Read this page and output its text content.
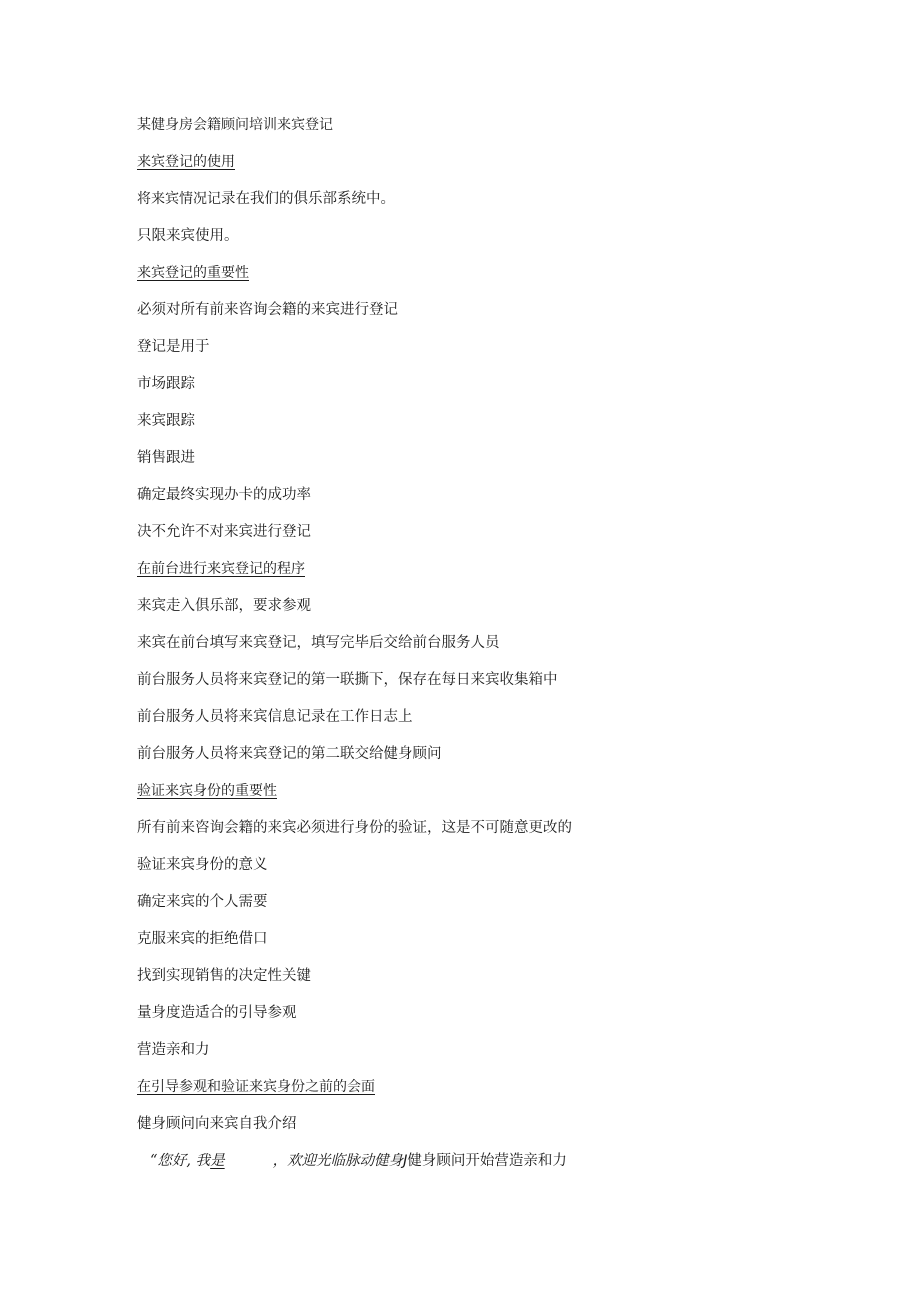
某健身房会籍顾问培训来宾登记
来宾登记的使用
将来宾情况记录在我们的俱乐部系统中。
只限来宾使用。
来宾登记的重要性
必须对所有前来咨询会籍的来宾进行登记
登记是用于
市场跟踪
来宾跟踪
销售跟进
确定最终实现办卡的成功率
决不允许不对来宾进行登记
在前台进行来宾登记的程序
来宾走入俱乐部，要求参观
来宾在前台填写来宾登记，填写完毕后交给前台服务人员
前台服务人员将来宾登记的第一联撕下，保存在每日来宾收集箱中
前台服务人员将来宾信息记录在工作日志上
前台服务人员将来宾登记的第二联交给健身顾问
验证来宾身份的重要性
所有前来咨询会籍的来宾必须进行身份的验证，这是不可随意更改的
验证来宾身份的意义
确定来宾的个人需要
克服来宾的拒绝借口
找到实现销售的决定性关键
量身度造适合的引导参观
营造亲和力
在引导参观和验证来宾身份之前的会面
健身顾问向来宾自我介绍
“您好, 我是	，欢迎光临脉动健身J健身顾问开始营造亲和力
